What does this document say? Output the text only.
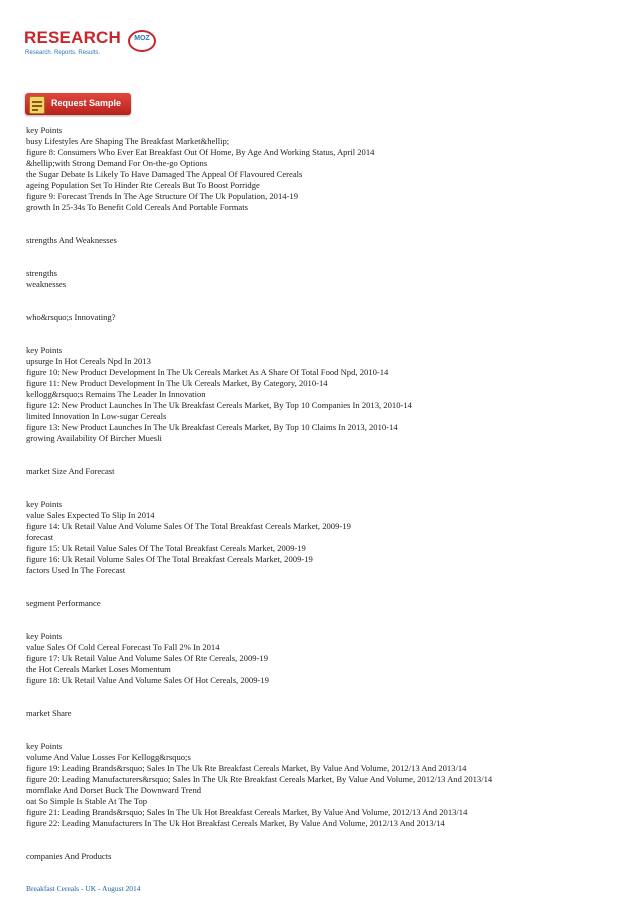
RESEARCH	MOZ
Research. Reports. Results.
Request Sample
key Points
busy Lifestyles Are Shaping The Breakfast Market&hellip;
figure 8: Consumers Who Ever Eat Breakfast Out Of Home, By Age And Working Status, April 2014
&hellip;with Strong Demand For On-the-go Options
the Sugar Debate Is Likely To Have Damaged The Appeal Of Flavoured Cereals
ageing Population Set To Hinder Rte Cereals But To Boost Porridge
figure 9: Forecast Trends In The Age Structure Of The Uk Population, 2014-19
growth In 25-34s To Benefit Cold Cereals And Portable Formats
strengths And Weaknesses
strengths
weaknesses
who&rsquo;s Innovating?
key Points
upsurge In Hot Cereals Npd In 2013
figure 10: New Product Development In The Uk Cereals Market As A Share Of Total Food Npd, 2010-14
figure 11: New Product Development In The Uk Cereals Market, By Category, 2010-14
kellogg&rsquo;s Remains The Leader In Innovation
figure 12: New Product Launches In The Uk Breakfast Cereals Market, By Top 10 Companies In 2013, 2010-14
limited Innovation In Low-sugar Cereals
figure 13: New Product Launches In The Uk Breakfast Cereals Market, By Top 10 Claims In 2013, 2010-14
growing Availability Of Bircher Muesli
market Size And Forecast
key Points
value Sales Expected To Slip In 2014
figure 14: Uk Retail Value And Volume Sales Of The Total Breakfast Cereals Market, 2009-19
forecast
figure 15: Uk Retail Value Sales Of The Total Breakfast Cereals Market, 2009-19
figure 16: Uk Retail Volume Sales Of The Total Breakfast Cereals Market, 2009-19
factors Used In The Forecast
segment Performance
key Points
value Sales Of Cold Cereal Forecast To Fall 2% In 2014
figure 17: Uk Retail Value And Volume Sales Of Rte Cereals, 2009-19
the Hot Cereals Market Loses Momentum
figure 18: Uk Retail Value And Volume Sales Of Hot Cereals, 2009-19
market Share
key Points
volume And Value Losses For Kellogg&rsquo;s
figure 19: Leading Brands&rsquo; Sales In The Uk Rte Breakfast Cereals Market, By Value And Volume, 2012/13 And 2013/14
figure 20: Leading Manufacturers&rsquo; Sales In The Uk Rte Breakfast Cereals Market, By Value And Volume, 2012/13 And 2013/14
mornflake And Dorset Buck The Downward Trend
oat So Simple Is Stable At The Top
figure 21: Leading Brands&rsquo; Sales In The Uk Hot Breakfast Cereals Market, By Value And Volume, 2012/13 And 2013/14
figure 22: Leading Manufacturers In The Uk Hot Breakfast Cereals Market, By Value And Volume, 2012/13 And 2013/14
companies And Products
Breakfast Cereals - UK - August 2014
